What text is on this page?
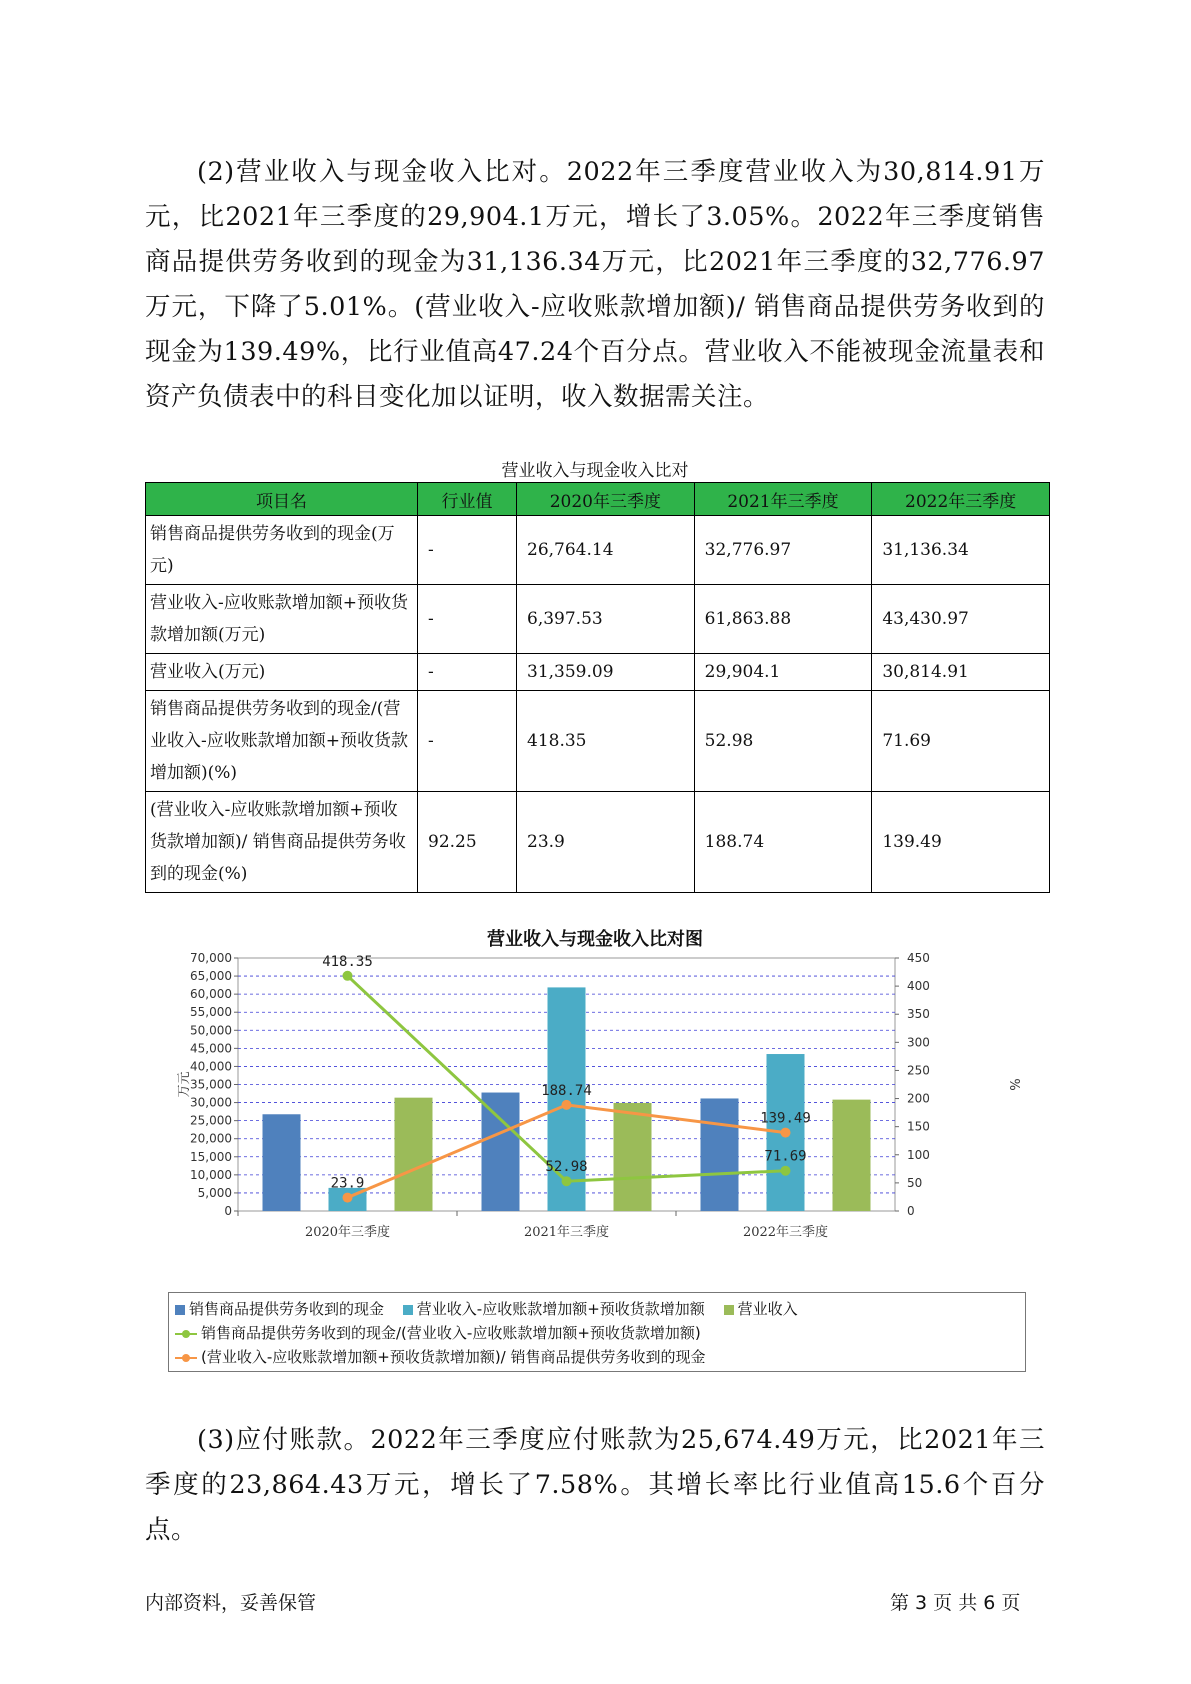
(2)营业收入与现金收入比对。2022年三季度营业收入为30,814.91万元，比2021年三季度的29,904.1万元，增长了3.05%。2022年三季度销售商品提供劳务收到的现金为31,136.34万元，比2021年三季度的32,776.97万元，下降了5.01%。(营业收入-应收账款增加额)/ 销售商品提供劳务收到的现金为139.49%，比行业值高47.24个百分点。营业收入不能被现金流量表和资产负债表中的科目变化加以证明，收入数据需关注。
营业收入与现金收入比对
项目名	行业值	2020年三季度	2021年三季度	2022年三季度
销售商品提供劳务收到的现金(万元)	-	26,764.14	32,776.97	31,136.34
营业收入-应收账款增加额+预收货款增加额(万元)	-	6,397.53	61,863.88	43,430.97
营业收入(万元)	-	31,359.09	29,904.1	30,814.91
销售商品提供劳务收到的现金/(营业收入-应收账款增加额+预收货款增加额)(%)	-	418.35	52.98	71.69
(营业收入-应收账款增加额+预收货款增加额)/ 销售商品提供劳务收到的现金(%)	92.25	23.9	188.74	139.49
营业收入与现金收入比对图
0
5,000
10,000
15,000
20,000
25,000
30,000
35,000
40,000
45,000
50,000
55,000
60,000
65,000
70,000
0
50
100
150
200
250
300
350
400
450
万元	%
2020年三季度	2021年三季度	2022年三季度
418.35
52.98
71.69
23.9
188.74
139.49
销售商品提供劳务收到的现金 营业收入-应收账款增加额+预收货款增加额 营业收入
销售商品提供劳务收到的现金/(营业收入-应收账款增加额+预收货款增加额)
(营业收入-应收账款增加额+预收货款增加额)/ 销售商品提供劳务收到的现金
(3)应付账款。2022年三季度应付账款为25,674.49万元，比2021年三季度的23,864.43万元，增长了7.58%。其增长率比行业值高15.6个百分点。
内部资料，妥善保管	第 3 页 共 6 页
